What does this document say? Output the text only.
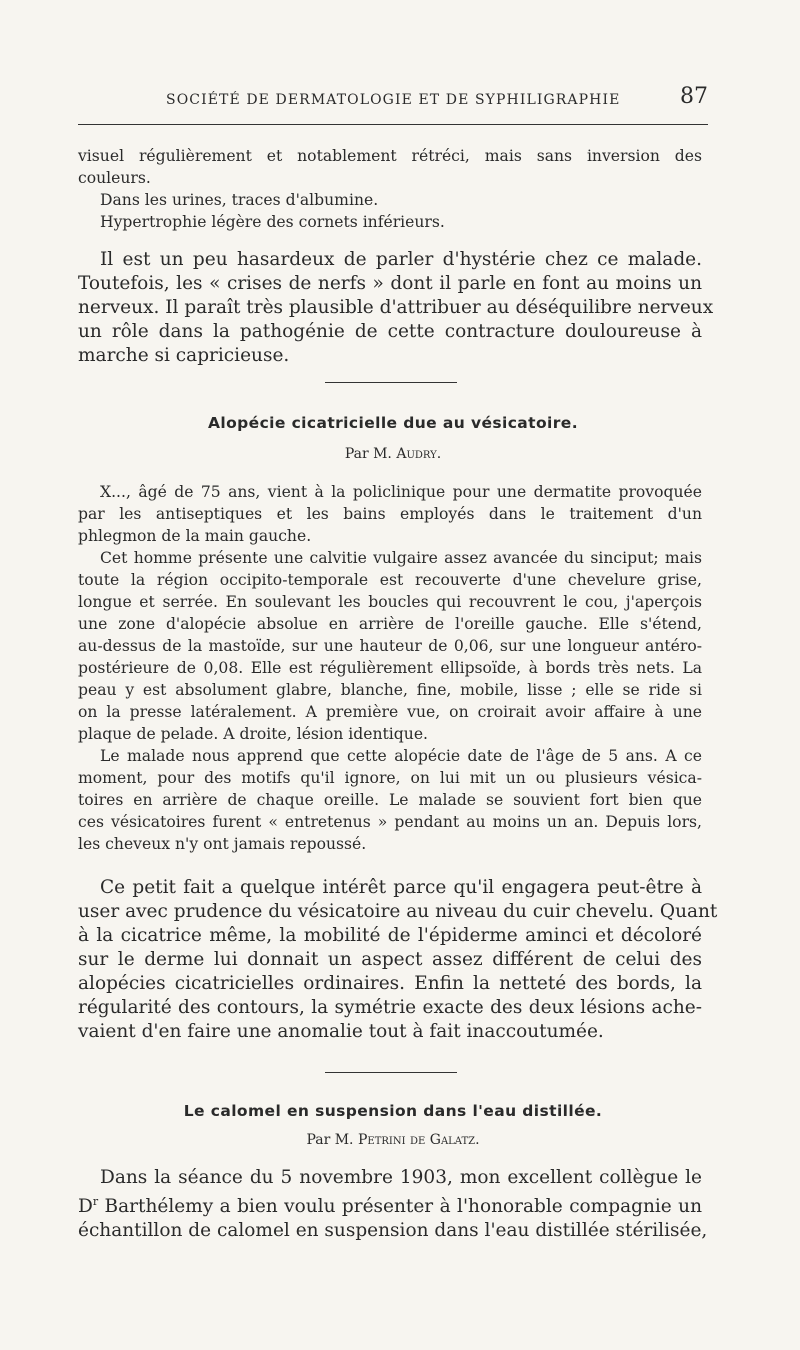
SOCIÉTÉ DE DERMATOLOGIE ET DE SYPHILIGRAPHIE	87
visuel régulièrement et notablement rétréci, mais sans inversion des
couleurs.
Dans les urines, traces d'albumine.
Hypertrophie légère des cornets inférieurs.
Il est un peu hasardeux de parler d'hystérie chez ce malade.
Toutefois, les « crises de nerfs » dont il parle en font au moins un
nerveux. Il paraît très plausible d'attribuer au déséquilibre nerveux
un rôle dans la pathogénie de cette contracture douloureuse à
marche si capricieuse.
Alopécie cicatricielle due au vésicatoire.
Par M. Audry.
X..., âgé de 75 ans, vient à la policlinique pour une dermatite provoquée
par les antiseptiques et les bains employés dans le traitement d'un
phlegmon de la main gauche.
Cet homme présente une calvitie vulgaire assez avancée du sinciput; mais
toute la région occipito-temporale est recouverte d'une chevelure grise,
longue et serrée. En soulevant les boucles qui recouvrent le cou, j'aperçois
une zone d'alopécie absolue en arrière de l'oreille gauche. Elle s'étend,
au-dessus de la mastoïde, sur une hauteur de 0,06, sur une longueur antéro-
postérieure de 0,08. Elle est régulièrement ellipsoïde, à bords très nets. La
peau y est absolument glabre, blanche, fine, mobile, lisse ; elle se ride si
on la presse latéralement. A première vue, on croirait avoir affaire à une
plaque de pelade. A droite, lésion identique.
Le malade nous apprend que cette alopécie date de l'âge de 5 ans. A ce
moment, pour des motifs qu'il ignore, on lui mit un ou plusieurs vésica-
toires en arrière de chaque oreille. Le malade se souvient fort bien que
ces vésicatoires furent « entretenus » pendant au moins un an. Depuis lors,
les cheveux n'y ont jamais repoussé.
Ce petit fait a quelque intérêt parce qu'il engagera peut-être à
user avec prudence du vésicatoire au niveau du cuir chevelu. Quant
à la cicatrice même, la mobilité de l'épiderme aminci et décoloré
sur le derme lui donnait un aspect assez différent de celui des
alopécies cicatricielles ordinaires. Enfin la netteté des bords, la
régularité des contours, la symétrie exacte des deux lésions ache-
vaient d'en faire une anomalie tout à fait inaccoutumée.
Le calomel en suspension dans l'eau distillée.
Par M. Petrini de Galatz.
Dans la séance du 5 novembre 1903, mon excellent collègue le
$D^r$ Barthélemy a bien voulu présenter à l'honorable compagnie un
échantillon de calomel en suspension dans l'eau distillée stérilisée,
